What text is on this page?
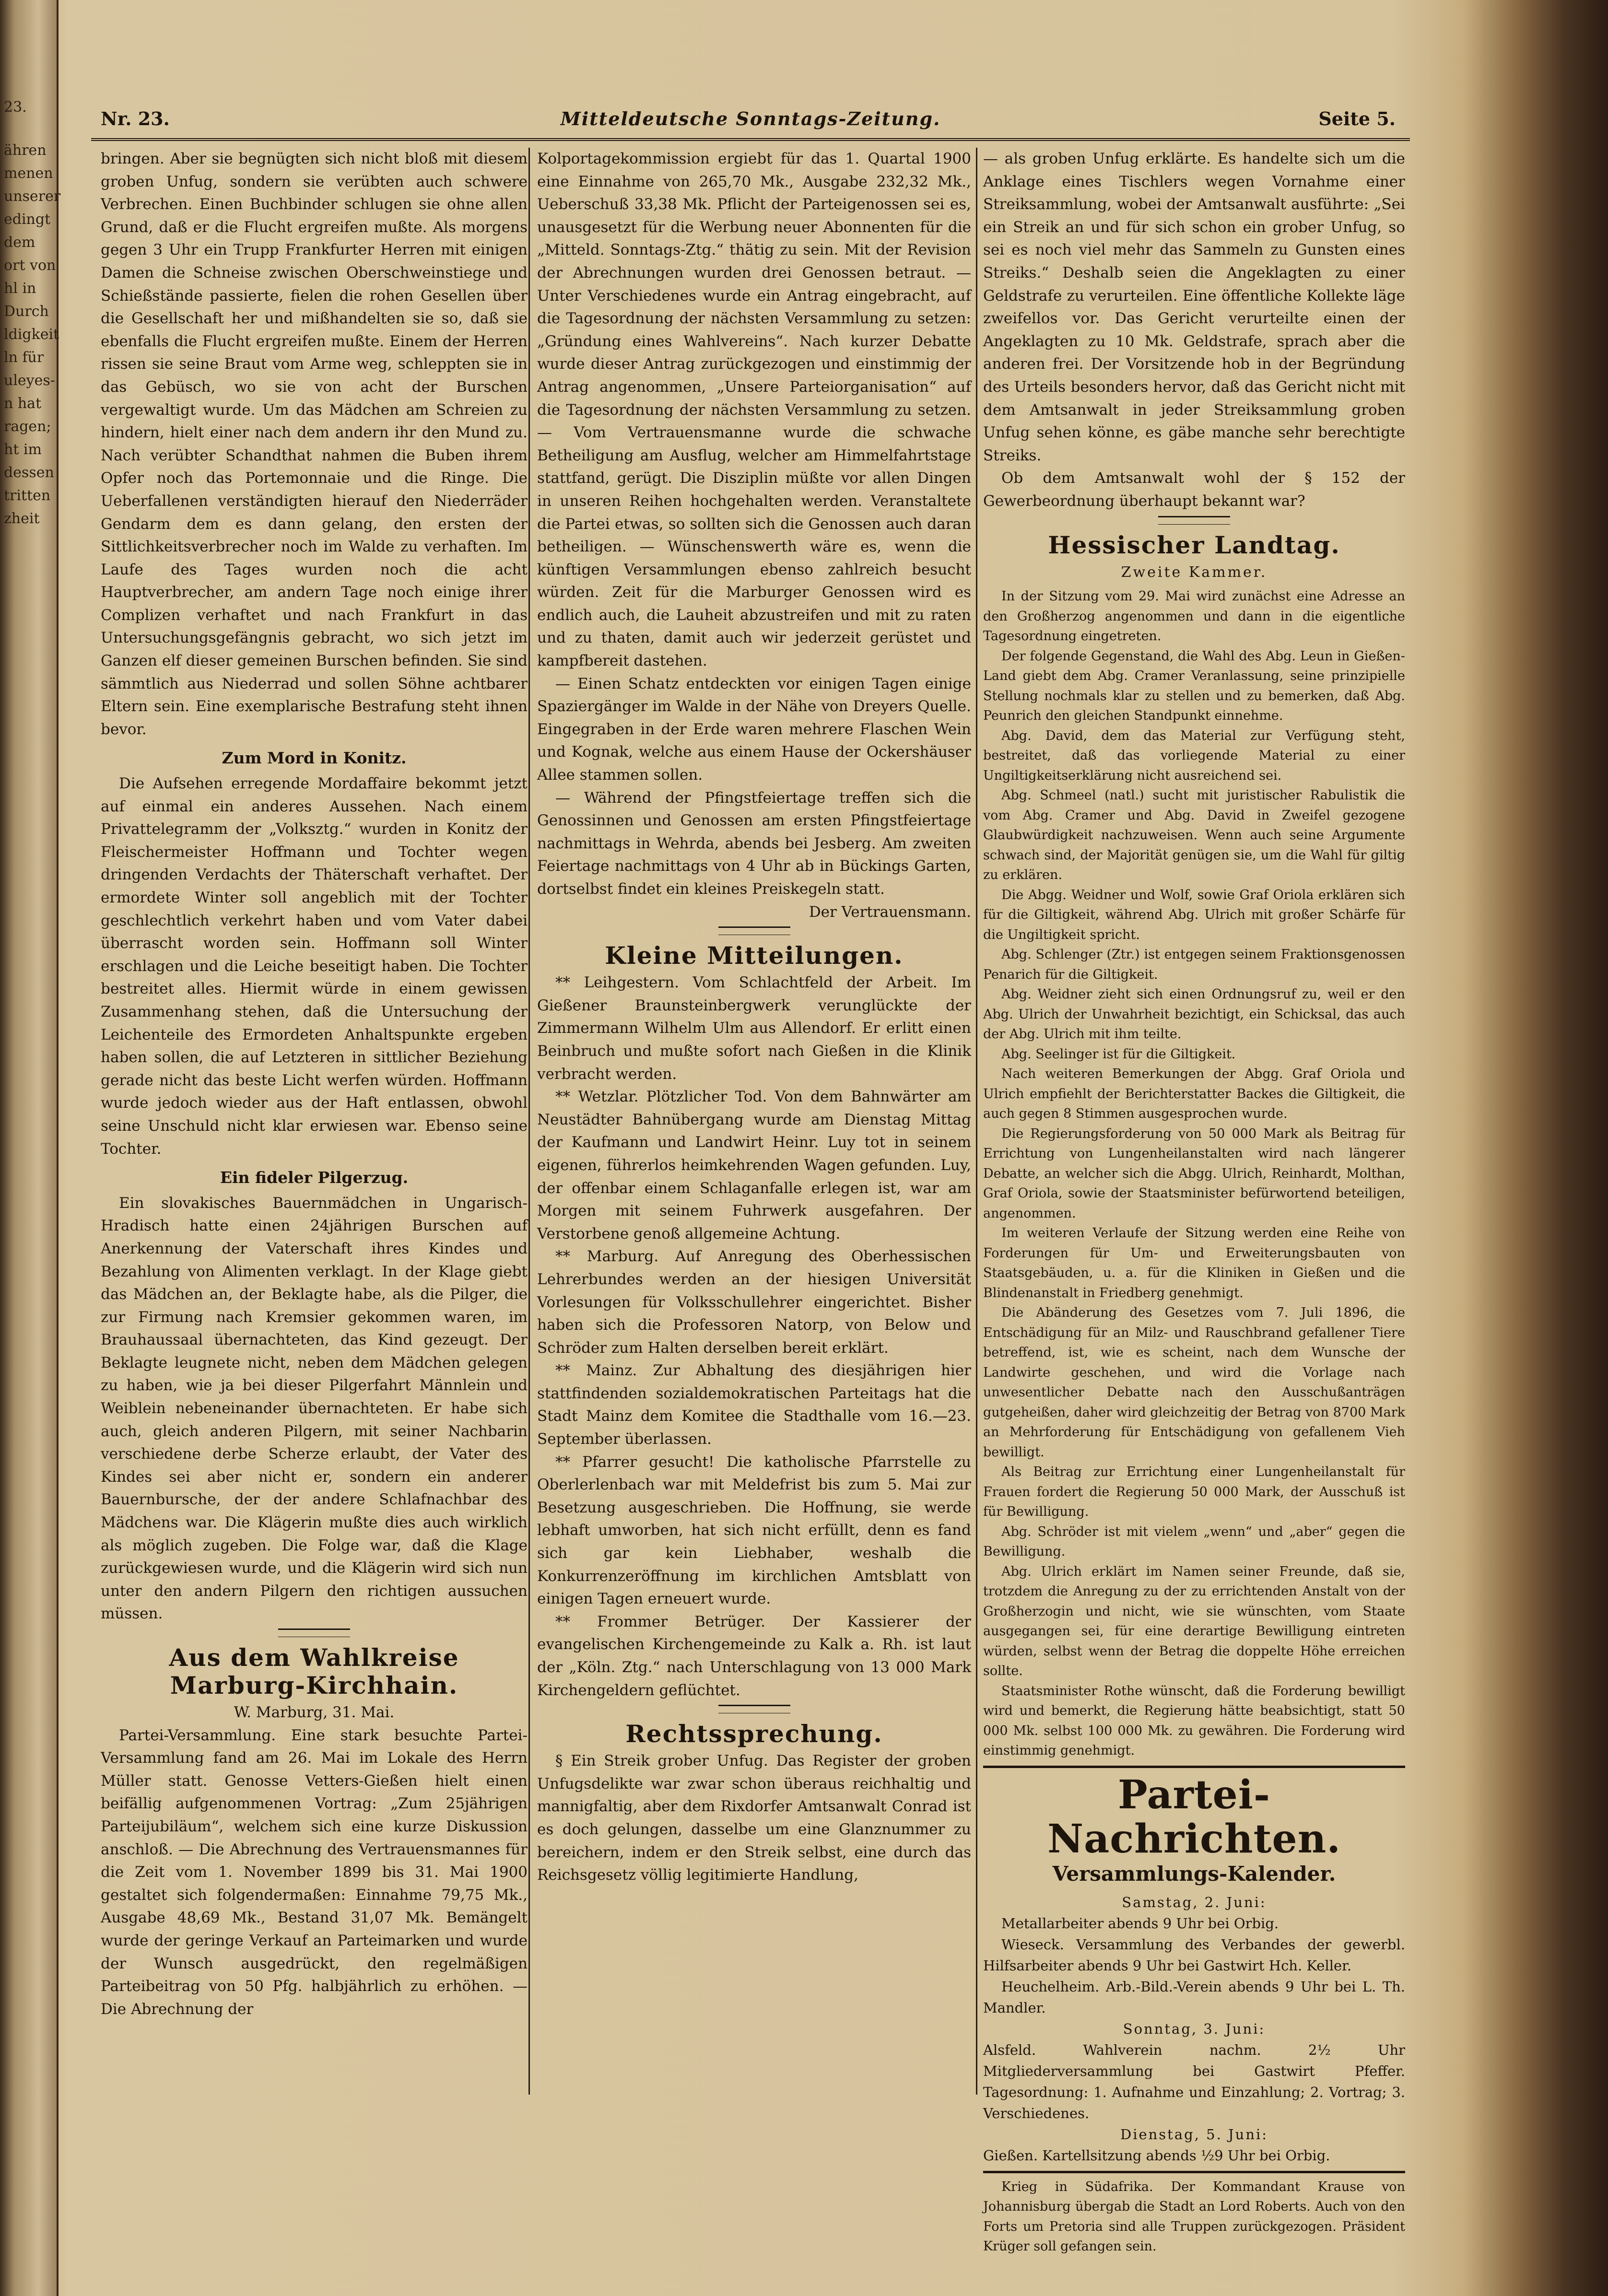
23.
ähren
menen
unserer
edingt
dem
ort von
hl in
Durch
ldigkeit
ln für
uleyes-
n hat
ragen;
ht im
dessen
tritten
zheit
Nr. 23.	Mitteldeutsche Sonntags-Zeitung.	Seite 5.

bringen. Aber sie begnügten sich nicht bloß mit diesem groben Unfug, sondern sie verübten auch schwere Verbrechen. Einen Buchbinder schlugen sie ohne allen Grund, daß er die Flucht ergreifen mußte. Als morgens gegen 3 Uhr ein Trupp Frankfurter Herren mit einigen Damen die Schneise zwischen Oberschweinstiege und Schießstände passierte, fielen die rohen Gesellen über die Gesellschaft her und mißhandelten sie so, daß sie ebenfalls die Flucht ergreifen mußte. Einem der Herren rissen sie seine Braut vom Arme weg, schleppten sie in das Gebüsch, wo sie von acht der Burschen vergewaltigt wurde. Um das Mädchen am Schreien zu hindern, hielt einer nach dem andern ihr den Mund zu. Nach verübter Schandthat nahmen die Buben ihrem Opfer noch das Portemonnaie und die Ringe. Die Ueberfallenen verständigten hierauf den Niederräder Gendarm dem es dann gelang, den ersten der Sittlichkeitsverbrecher noch im Walde zu verhaften. Im Laufe des Tages wurden noch die acht Hauptverbrecher, am andern Tage noch einige ihrer Complizen verhaftet und nach Frankfurt in das Untersuchungsgefängnis gebracht, wo sich jetzt im Ganzen elf dieser gemeinen Burschen befinden. Sie sind sämmtlich aus Niederrad und sollen Söhne achtbarer Eltern sein. Eine exemplarische Bestrafung steht ihnen bevor.

Zum Mord in Konitz.

Die Aufsehen erregende Mordaffaire bekommt jetzt auf einmal ein anderes Aussehen. Nach einem Privattelegramm der „Volksztg.“ wurden in Konitz der Fleischermeister Hoffmann und Tochter wegen dringenden Verdachts der Thäterschaft verhaftet. Der ermordete Winter soll angeblich mit der Tochter geschlechtlich verkehrt haben und vom Vater dabei überrascht worden sein. Hoffmann soll Winter erschlagen und die Leiche beseitigt haben. Die Tochter bestreitet alles. Hiermit würde in einem gewissen Zusammenhang stehen, daß die Untersuchung der Leichenteile des Ermordeten Anhaltspunkte ergeben haben sollen, die auf Letzteren in sittlicher Beziehung gerade nicht das beste Licht werfen würden. Hoffmann wurde jedoch wieder aus der Haft entlassen, obwohl seine Unschuld nicht klar erwiesen war. Ebenso seine Tochter.

Ein fideler Pilgerzug.

Ein slovakisches Bauernmädchen in Ungarisch-Hradisch hatte einen 24jährigen Burschen auf Anerkennung der Vaterschaft ihres Kindes und Bezahlung von Alimenten verklagt. In der Klage giebt das Mädchen an, der Beklagte habe, als die Pilger, die zur Firmung nach Kremsier gekommen waren, im Brauhaussaal übernachteten, das Kind gezeugt. Der Beklagte leugnete nicht, neben dem Mädchen gelegen zu haben, wie ja bei dieser Pilgerfahrt Männlein und Weiblein nebeneinander übernachteten. Er habe sich auch, gleich anderen Pilgern, mit seiner Nachbarin verschiedene derbe Scherze erlaubt, der Vater des Kindes sei aber nicht er, sondern ein anderer Bauernbursche, der der andere Schlafnachbar des Mädchens war. Die Klägerin mußte dies auch wirklich als möglich zugeben. Die Folge war, daß die Klage zurückgewiesen wurde, und die Klägerin wird sich nun unter den andern Pilgern den richtigen aussuchen müssen.

Aus dem Wahlkreise Marburg-Kirchhain.
W. Marburg, 31. Mai.

Partei-Versammlung. Eine stark besuchte Partei-Versammlung fand am 26. Mai im Lokale des Herrn Müller statt. Genosse Vetters-Gießen hielt einen beifällig aufgenommenen Vortrag: „Zum 25jährigen Parteijubiläum“, welchem sich eine kurze Diskussion anschloß. — Die Abrechnung des Vertrauensmannes für die Zeit vom 1. November 1899 bis 31. Mai 1900 gestaltet sich folgendermaßen: Einnahme 79,75 Mk., Ausgabe 48,69 Mk., Bestand 31,07 Mk. Bemängelt wurde der geringe Verkauf an Parteimarken und wurde der Wunsch ausgedrückt, den regelmäßigen Parteibeitrag von 50 Pfg. halbjährlich zu erhöhen. — Die Abrechnung der

Kolportagekommission ergiebt für das 1. Quartal 1900 eine Einnahme von 265,70 Mk., Ausgabe 232,32 Mk., Ueberschuß 33,38 Mk. Pflicht der Parteigenossen sei es, unausgesetzt für die Werbung neuer Abonnenten für die „Mitteld. Sonntags-Ztg.“ thätig zu sein. Mit der Revision der Abrechnungen wurden drei Genossen betraut. — Unter Verschiedenes wurde ein Antrag eingebracht, auf die Tagesordnung der nächsten Versammlung zu setzen: „Gründung eines Wahlvereins“. Nach kurzer Debatte wurde dieser Antrag zurückgezogen und einstimmig der Antrag angenommen, „Unsere Parteiorganisation“ auf die Tagesordnung der nächsten Versammlung zu setzen. — Vom Vertrauensmanne wurde die schwache Betheiligung am Ausflug, welcher am Himmelfahrtstage stattfand, gerügt. Die Disziplin müßte vor allen Dingen in unseren Reihen hochgehalten werden. Veranstaltete die Partei etwas, so sollten sich die Genossen auch daran betheiligen. — Wünschenswerth wäre es, wenn die künftigen Versammlungen ebenso zahlreich besucht würden. Zeit für die Marburger Genossen wird es endlich auch, die Lauheit abzustreifen und mit zu raten und zu thaten, damit auch wir jederzeit gerüstet und kampfbereit dastehen.

— Einen Schatz entdeckten vor einigen Tagen einige Spaziergänger im Walde in der Nähe von Dreyers Quelle. Eingegraben in der Erde waren mehrere Flaschen Wein und Kognak, welche aus einem Hause der Ockershäuser Allee stammen sollen.

— Während der Pfingstfeiertage treffen sich die Genossinnen und Genossen am ersten Pfingstfeiertage nachmittags in Wehrda, abends bei Jesberg. Am zweiten Feiertage nachmittags von 4 Uhr ab in Bückings Garten, dortselbst findet ein kleines Preiskegeln statt.

Der Vertrauensmann.
Kleine Mitteilungen.

** Leihgestern. Vom Schlachtfeld der Arbeit. Im Gießener Braunsteinbergwerk verunglückte der Zimmermann Wilhelm Ulm aus Allendorf. Er erlitt einen Beinbruch und mußte sofort nach Gießen in die Klinik verbracht werden.

** Wetzlar. Plötzlicher Tod. Von dem Bahnwärter am Neustädter Bahnübergang wurde am Dienstag Mittag der Kaufmann und Landwirt Heinr. Luy tot in seinem eigenen, führerlos heimkehrenden Wagen gefunden. Luy, der offenbar einem Schlaganfalle erlegen ist, war am Morgen mit seinem Fuhrwerk ausgefahren. Der Verstorbene genoß allgemeine Achtung.

** Marburg. Auf Anregung des Oberhessischen Lehrerbundes werden an der hiesigen Universität Vorlesungen für Volksschullehrer eingerichtet. Bisher haben sich die Professoren Natorp, von Below und Schröder zum Halten derselben bereit erklärt.

** Mainz. Zur Abhaltung des diesjährigen hier stattfindenden sozialdemokratischen Parteitags hat die Stadt Mainz dem Komitee die Stadthalle vom 16.—23. September überlassen.

** Pfarrer gesucht! Die katholische Pfarrstelle zu Oberlerlenbach war mit Meldefrist bis zum 5. Mai zur Besetzung ausgeschrieben. Die Hoffnung, sie werde lebhaft umworben, hat sich nicht erfüllt, denn es fand sich gar kein Liebhaber, weshalb die Konkurrenzeröffnung im kirchlichen Amtsblatt von einigen Tagen erneuert wurde.

** Frommer Betrüger. Der Kassierer der evangelischen Kirchengemeinde zu Kalk a. Rh. ist laut der „Köln. Ztg.“ nach Unterschlagung von 13 000 Mark Kirchengeldern geflüchtet.

Rechtssprechung.

§ Ein Streik grober Unfug. Das Register der groben Unfugsdelikte war zwar schon überaus reichhaltig und mannigfaltig, aber dem Rixdorfer Amtsanwalt Conrad ist es doch gelungen, dasselbe um eine Glanznummer zu bereichern, indem er den Streik selbst, eine durch das Reichsgesetz völlig legitimierte Handlung,

— als groben Unfug erklärte. Es handelte sich um die Anklage eines Tischlers wegen Vornahme einer Streiksammlung, wobei der Amtsanwalt ausführte: „Sei ein Streik an und für sich schon ein grober Unfug, so sei es noch viel mehr das Sammeln zu Gunsten eines Streiks.“ Deshalb seien die Angeklagten zu einer Geldstrafe zu verurteilen. Eine öffentliche Kollekte läge zweifellos vor. Das Gericht verurteilte einen der Angeklagten zu 10 Mk. Geldstrafe, sprach aber die anderen frei. Der Vorsitzende hob in der Begründung des Urteils besonders hervor, daß das Gericht nicht mit dem Amtsanwalt in jeder Streiksammlung groben Unfug sehen könne, es gäbe manche sehr berechtigte Streiks.

Ob dem Amtsanwalt wohl der § 152 der Gewerbeordnung überhaupt bekannt war?

Hessischer Landtag.
Zweite Kammer.

In der Sitzung vom 29. Mai wird zunächst eine Adresse an den Großherzog angenommen und dann in die eigentliche Tagesordnung eingetreten.

Der folgende Gegenstand, die Wahl des Abg. Leun in Gießen-Land giebt dem Abg. Cramer Veranlassung, seine prinzipielle Stellung nochmals klar zu stellen und zu bemerken, daß Abg. Peunrich den gleichen Standpunkt einnehme.

Abg. David, dem das Material zur Verfügung steht, bestreitet, daß das vorliegende Material zu einer Ungiltigkeitserklärung nicht ausreichend sei.

Abg. Schmeel (natl.) sucht mit juristischer Rabulistik die vom Abg. Cramer und Abg. David in Zweifel gezogene Glaubwürdigkeit nachzuweisen. Wenn auch seine Argumente schwach sind, der Majorität genügen sie, um die Wahl für giltig zu erklären.

Die Abgg. Weidner und Wolf, sowie Graf Oriola erklären sich für die Giltigkeit, während Abg. Ulrich mit großer Schärfe für die Ungiltigkeit spricht.

Abg. Schlenger (Ztr.) ist entgegen seinem Fraktionsgenossen Penarich für die Giltigkeit.

Abg. Weidner zieht sich einen Ordnungsruf zu, weil er den Abg. Ulrich der Unwahrheit bezichtigt, ein Schicksal, das auch der Abg. Ulrich mit ihm teilte.

Abg. Seelinger ist für die Giltigkeit.

Nach weiteren Bemerkungen der Abgg. Graf Oriola und Ulrich empfiehlt der Berichterstatter Backes die Giltigkeit, die auch gegen 8 Stimmen ausgesprochen wurde.

Die Regierungsforderung von 50 000 Mark als Beitrag für Errichtung von Lungenheilanstalten wird nach längerer Debatte, an welcher sich die Abgg. Ulrich, Reinhardt, Molthan, Graf Oriola, sowie der Staatsminister befürwortend beteiligen, angenommen.

Im weiteren Verlaufe der Sitzung werden eine Reihe von Forderungen für Um- und Erweiterungsbauten von Staatsgebäuden, u. a. für die Kliniken in Gießen und die Blindenanstalt in Friedberg genehmigt.

Die Abänderung des Gesetzes vom 7. Juli 1896, die Entschädigung für an Milz- und Rauschbrand gefallener Tiere betreffend, ist, wie es scheint, nach dem Wunsche der Landwirte geschehen, und wird die Vorlage nach unwesentlicher Debatte nach den Ausschußanträgen gutgeheißen, daher wird gleichzeitig der Betrag von 8700 Mark an Mehrforderung für Entschädigung von gefallenem Vieh bewilligt.

Als Beitrag zur Errichtung einer Lungenheilanstalt für Frauen fordert die Regierung 50 000 Mark, der Ausschuß ist für Bewilligung.

Abg. Schröder ist mit vielem „wenn“ und „aber“ gegen die Bewilligung.

Abg. Ulrich erklärt im Namen seiner Freunde, daß sie, trotzdem die Anregung zu der zu errichtenden Anstalt von der Großherzogin und nicht, wie sie wünschten, vom Staate ausgegangen sei, für eine derartige Bewilligung eintreten würden, selbst wenn der Betrag die doppelte Höhe erreichen sollte.

Staatsminister Rothe wünscht, daß die Forderung bewilligt wird und bemerkt, die Regierung hätte beabsichtigt, statt 50 000 Mk. selbst 100 000 Mk. zu gewähren. Die Forderung wird einstimmig genehmigt.

Partei-Nachrichten.
Versammlungs-Kalender.
Samstag, 2. Juni:

Metallarbeiter abends 9 Uhr bei Orbig.

Wieseck. Versammlung des Verbandes der gewerbl. Hilfsarbeiter abends 9 Uhr bei Gastwirt Hch. Keller.

Heuchelheim. Arb.-Bild.-Verein abends 9 Uhr bei L. Th. Mandler.

Sonntag, 3. Juni:

Alsfeld. Wahlverein nachm. 2½ Uhr Mitgliederversammlung bei Gastwirt Pfeffer. Tagesordnung: 1. Aufnahme und Einzahlung; 2. Vortrag; 3. Verschiedenes.

Dienstag, 5. Juni:

Gießen. Kartellsitzung abends ½9 Uhr bei Orbig.

Krieg in Südafrika. Der Kommandant Krause von Johannisburg übergab die Stadt an Lord Roberts. Auch von den Forts um Pretoria sind alle Truppen zurückgezogen. Präsident Krüger soll gefangen sein.
